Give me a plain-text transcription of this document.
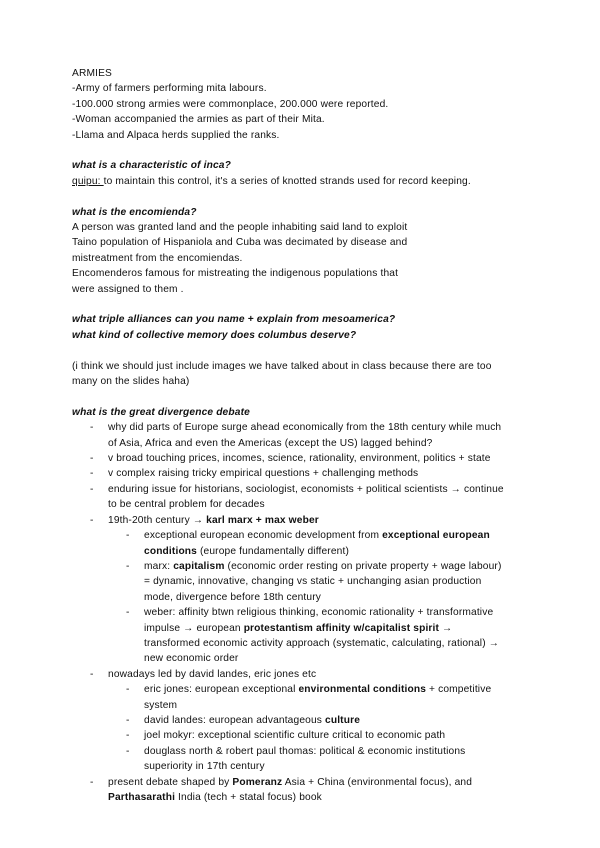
ARMIES
-Army of farmers performing mita labours.
-100.000 strong armies were commonplace, 200.000 were reported.
-Woman accompanied the armies as part of their Mita.
-Llama and Alpaca herds supplied the ranks.
what is a characteristic of inca?
quipu: to maintain this control, it's a series of knotted strands used for record keeping.
what is the encomienda?
A person was granted land and the people inhabiting said land to exploit
Taino population of Hispaniola and Cuba was decimated by disease and
mistreatment from the encomiendas.
Encomenderos famous for mistreating the indigenous populations that
were assigned to them .
what triple alliances can you name + explain from mesoamerica?
what kind of collective memory does columbus deserve?
(i think we should just include images we have talked about in class because there are too
many on the slides haha)
what is the great divergence debate
- why did parts of Europe surge ahead economically from the 18th century while much
of Asia, Africa and even the Americas (except the US) lagged behind?
- v broad touching prices, incomes, science, rationality, environment, politics + state
- v complex raising tricky empirical questions + challenging methods
- enduring issue for historians, sociologist, economists + political scientists → continue
to be central problem for decades
- 19th-20th century → karl marx + max weber
- exceptional european economic development from exceptional european
conditions (europe fundamentally different)
- marx: capitalism (economic order resting on private property + wage labour)
= dynamic, innovative, changing vs static + unchanging asian production
mode, divergence before 18th century
- weber: affinity btwn religious thinking, economic rationality + transformative
impulse → european protestantism affinity w/capitalist spirit →
transformed economic activity approach (systematic, calculating, rational) →
new economic order
- nowadays led by david landes, eric jones etc
- eric jones: european exceptional environmental conditions + competitive
system
- david landes: european advantageous culture
- joel mokyr: exceptional scientific culture critical to economic path
- douglass north & robert paul thomas: political & economic institutions
superiority in 17th century
- present debate shaped by Pomeranz Asia + China (environmental focus), and
Parthasarathi India (tech + statal focus) book
